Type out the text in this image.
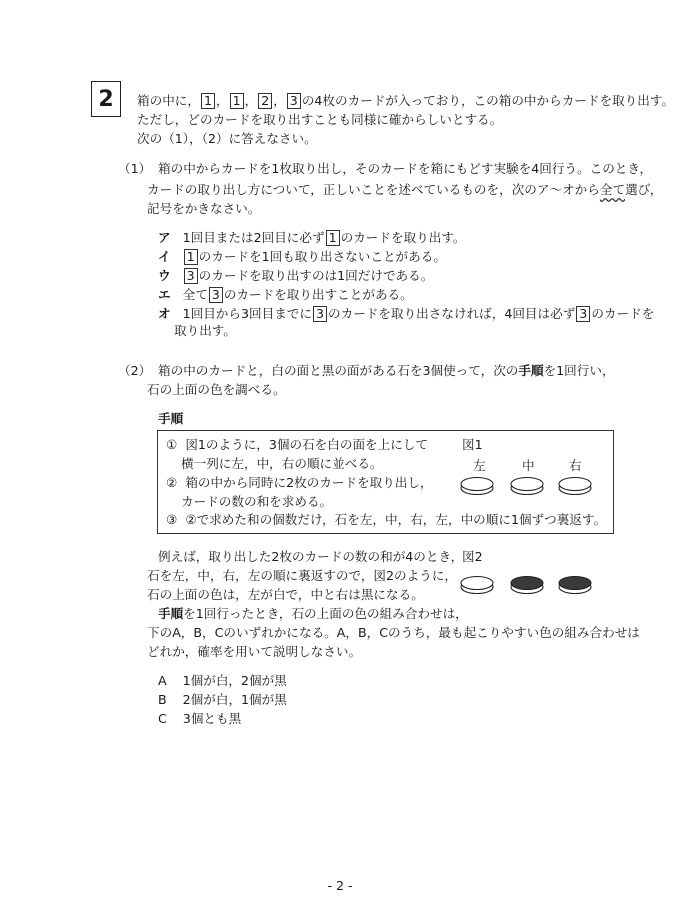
2	箱の中に， 1 ， 1 ， 2 ， 3 の4枚のカードが入っており，この箱の中からカードを取り出す。
ただし，どのカードを取り出すことも同様に確からしいとする。
次の（1），（2）に答えなさい。
（1） 箱の中からカードを1枚取り出し，そのカードを箱にもどす実験を4回行う。このとき，
カードの取り出し方について，正しいことを述べているものを，次のア～オから全て選び，
記号をかきなさい。
ア 1回目または2回目に必ず 1 のカードを取り出す。
イ 1 のカードを1回も取り出さないことがある。
ウ 3 のカードを取り出すのは1回だけである。
エ 全て 3 のカードを取り出すことがある。
オ 1回目から3回目までに 3 のカードを取り出さなければ，4回目は必ず 3 のカードを
取り出す。
（2） 箱の中のカードと，白の面と黒の面がある石を3個使って，次の手順を1回行い，
石の上面の色を調べる。
手順
① 図1のように，3個の石を白の面を上にして
横一列に左，中，右の順に並べる。
② 箱の中から同時に2枚のカードを取り出し，
カードの数の和を求める。
③ ②で求めた和の個数だけ，石を左，中，右，左，中の順に1個ずつ裏返す。
図1
左	中	右
例えば，取り出した2枚のカードの数の和が4のとき，
石を左，中，右，左の順に裏返すので，図2のように，
石の上面の色は，左が白で，中と右は黒になる。
図2
手順を1回行ったとき，石の上面の色の組み合わせは，
下のA，B，Cのいずれかになる。A，B，Cのうち，最も起こりやすい色の組み合わせは
どれか，確率を用いて説明しなさい。
A 1個が白，2個が黒
B 2個が白，1個が黒
C 3個とも黒
- 2 -
